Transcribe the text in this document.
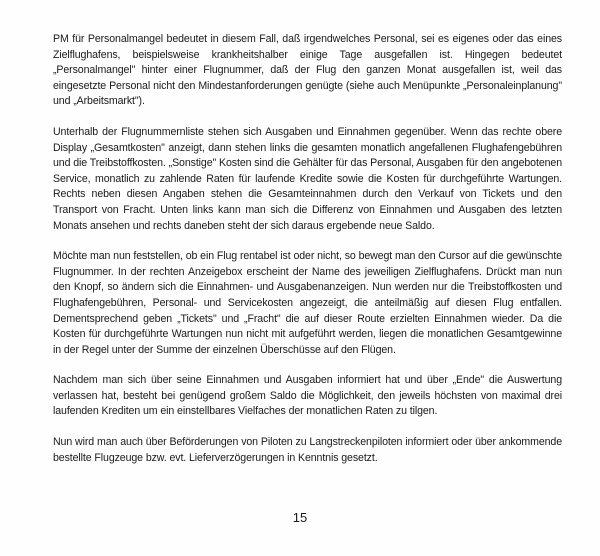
PM für Personalmangel bedeutet in diesem Fall, daß irgendwelches Personal, sei es eigenes oder das eines Zielflughafens, beispielsweise krankheitshalber einige Tage ausgefallen ist. Hingegen bedeutet „Personalmangel" hinter einer Flugnummer, daß der Flug den ganzen Monat ausgefallen ist, weil das eingesetzte Personal nicht den Mindestanforderungen genügte (siehe auch Menüpunkte „Personaleinplanung" und „Arbeitsmarkt").

Unterhalb der Flugnummernliste stehen sich Ausgaben und Einnahmen gegenüber. Wenn das rechte obere Display „Gesamtkosten" anzeigt, dann stehen links die gesamten monatlich angefallenen Flughafengebühren und die Treibstoffkosten. „Sonstige" Kosten sind die Gehälter für das Personal, Ausgaben für den angebotenen Service, monatlich zu zahlende Raten für laufende Kredite sowie die Kosten für durchgeführte Wartungen. Rechts neben diesen Angaben stehen die Gesamteinnahmen durch den Verkauf von Tickets und den Transport von Fracht. Unten links kann man sich die Differenz von Einnahmen und Ausgaben des letzten Monats ansehen und rechts daneben steht der sich daraus ergebende neue Saldo.

Möchte man nun feststellen, ob ein Flug rentabel ist oder nicht, so bewegt man den Cursor auf die gewünschte Flugnummer. In der rechten Anzeigebox erscheint der Name des jeweiligen Zielflughafens. Drückt man nun den Knopf, so ändern sich die Einnahmen- und Ausgabenanzeigen. Nun werden nur die Treibstoffkosten und Flughafengebühren, Personal- und Servicekosten angezeigt, die anteilmäßig auf diesen Flug entfallen. Dementsprechend geben „Tickets" und „Fracht" die auf dieser Route erzielten Einnahmen wieder. Da die Kosten für durchgeführte Wartungen nun nicht mit aufgeführt werden, liegen die monatlichen Gesamtgewinne in der Regel unter der Summe der einzelnen Überschüsse auf den Flügen.

Nachdem man sich über seine Einnahmen und Ausgaben informiert hat und über „Ende" die Auswertung verlassen hat, besteht bei genügend großem Saldo die Möglichkeit, den jeweils höchsten von maximal drei laufenden Krediten um ein einstellbares Vielfaches der monatlichen Raten zu tilgen.

Nun wird man auch über Beförderungen von Piloten zu Langstreckenpiloten informiert oder über ankommende bestellte Flugzeuge bzw. evt. Lieferverzögerungen in Kenntnis gesetzt.

15
